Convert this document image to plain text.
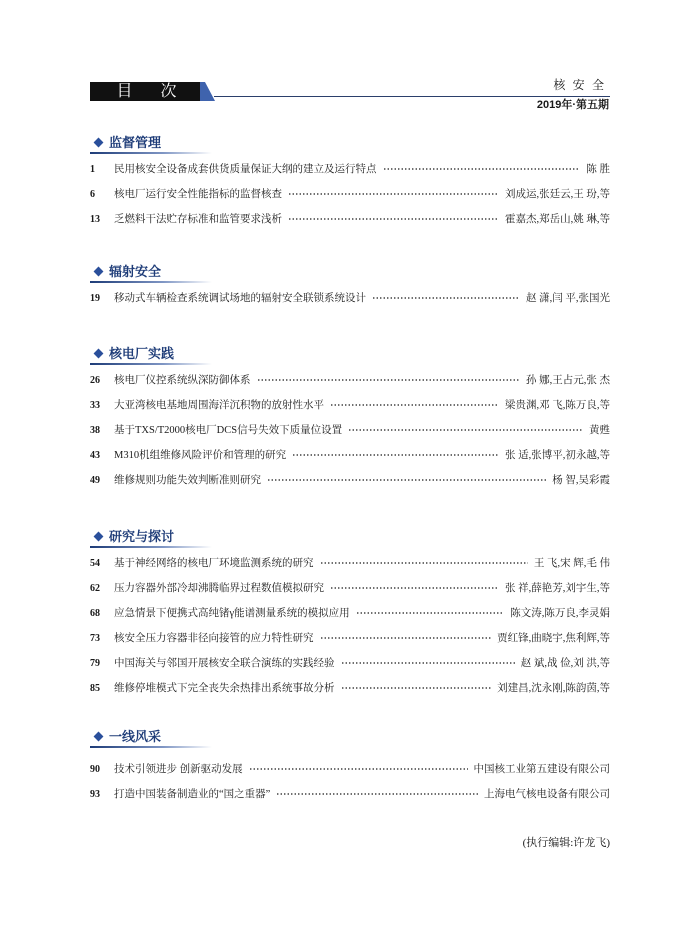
目 次	核 安 全
2019年·第五期
监督管理
1	民用核安全设备成套供货质量保证大纲的建立及运行特点	陈 胜
6	核电厂运行安全性能指标的监督核查	刘成运,张廷云,王 玢,等
13	乏燃料干法贮存标准和监管要求浅析	霍嘉杰,郑岳山,姚 琳,等
辐射安全
19	移动式车辆检查系统调试场地的辐射安全联锁系统设计	赵 潇,闫 平,张国光
核电厂实践
26	核电厂仪控系统纵深防御体系	孙 娜,王占元,张 杰
33	大亚湾核电基地周围海洋沉积物的放射性水平	梁贵渊,邓 飞,陈万良,等
38	基于TXS/T2000核电厂DCS信号失效下质量位设置	黄甦
43	M310机组维修风险评价和管理的研究	张 适,张博平,初永越,等
49	维修规则功能失效判断准则研究	杨 智,吴彩霞
研究与探讨
54	基于神经网络的核电厂环境监测系统的研究	王 飞,宋 辉,毛 伟
62	压力容器外部冷却沸腾临界过程数值模拟研究	张 祥,薛艳芳,刘宇生,等
68	应急情景下便携式高纯锗γ能谱测量系统的模拟应用	陈文涛,陈万良,李灵娟
73	核安全压力容器非径向接管的应力特性研究	贾红锋,曲晓宇,焦利辉,等
79	中国海关与邻国开展核安全联合演练的实践经验	赵 斌,战 俭,刘 洪,等
85	维修停堆模式下完全丧失余热排出系统事故分析	刘建昌,沈永刚,陈韵茵,等
一线风采
90	技术引领进步 创新驱动发展	中国核工业第五建设有限公司
93	打造中国装备制造业的“国之重器”	上海电气核电设备有限公司
(执行编辑:许龙飞)
